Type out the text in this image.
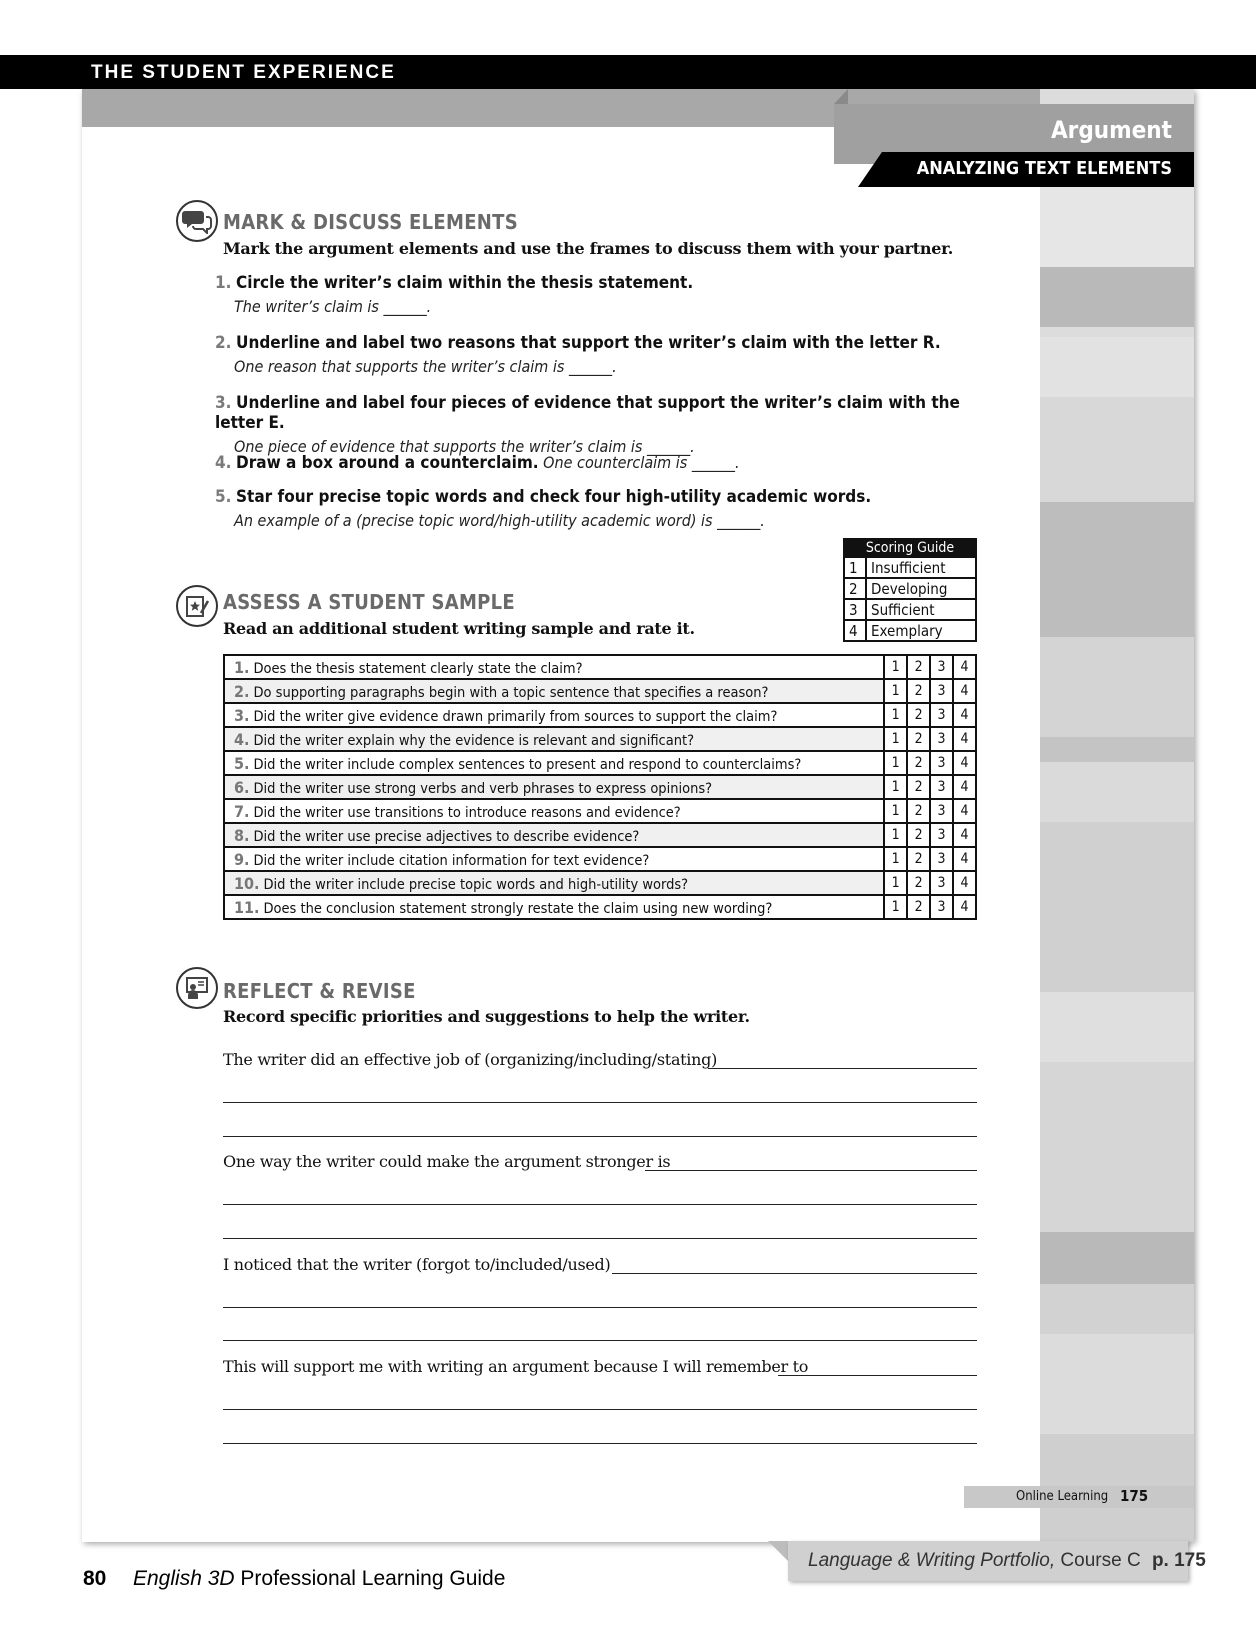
THE STUDENT EXPERIENCE
Argument
ANALYZING TEXT ELEMENTS
Online Learning 175
MARK & DISCUSS ELEMENTS
Mark the argument elements and use the frames to discuss them with your partner.
1. Circle the writer’s claim within the thesis statement.
The writer’s claim is ______.
2. Underline and label two reasons that support the writer’s claim with the letter R.
One reason that supports the writer’s claim is ______.
3. Underline and label four pieces of evidence that support the writer’s claim with the letter E.
One piece of evidence that supports the writer’s claim is ______.
4. Draw a box around a counterclaim. One counterclaim is ______.
5. Star four precise topic words and check four high-utility academic words.
An example of a (precise topic word/high-utility academic word) is ______.
Scoring Guide	
1	Insufficient
2	Developing
3	Sufficient
4	Exemplary
ASSESS A STUDENT SAMPLE
Read an additional student writing sample and rate it.
1. Does the thesis statement clearly state the claim?	1	2	3	4
2. Do supporting paragraphs begin with a topic sentence that specifies a reason?	1	2	3	4
3. Did the writer give evidence drawn primarily from sources to support the claim?	1	2	3	4
4. Did the writer explain why the evidence is relevant and significant?	1	2	3	4
5. Did the writer include complex sentences to present and respond to counterclaims?	1	2	3	4
6. Did the writer use strong verbs and verb phrases to express opinions?	1	2	3	4
7. Did the writer use transitions to introduce reasons and evidence?	1	2	3	4
8. Did the writer use precise adjectives to describe evidence?	1	2	3	4
9. Did the writer include citation information for text evidence?	1	2	3	4
10. Did the writer include precise topic words and high-utility words?	1	2	3	4
11. Does the conclusion statement strongly restate the claim using new wording?	1	2	3	4
REFLECT & REVISE
Record specific priorities and suggestions to help the writer.
The writer did an effective job of (organizing/including/stating)
One way the writer could make the argument stronger is
I noticed that the writer (forgot to/included/used)
This will support me with writing an argument because I will remember to
Language & Writing Portfolio, Course C p. 175
80 English 3D Professional Learning Guide
